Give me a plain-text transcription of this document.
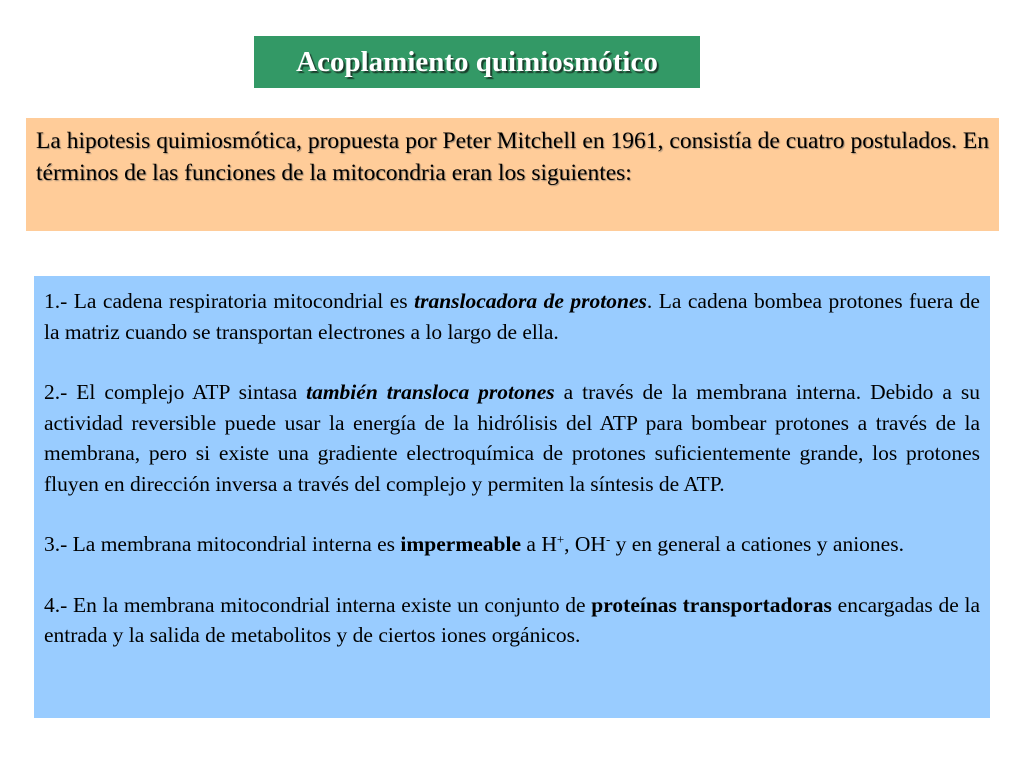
Acoplamiento quimiosmótico
La hipotesis quimiosmótica, propuesta por Peter Mitchell en 1961, consistía de cuatro postulados. En términos de las funciones de la mitocondria eran los siguientes:

1.- La cadena respiratoria mitocondrial es translocadora de protones. La cadena bombea protones fuera de la matriz cuando se transportan electrones a lo largo de ella.

2.- El complejo ATP sintasa también transloca protones a través de la membrana interna. Debido a su actividad reversible puede usar la energía de la hidrólisis del ATP para bombear protones a través de la membrana, pero si existe una gradiente electroquímica de protones suficientemente grande, los protones fluyen en dirección inversa a través del complejo y permiten la síntesis de ATP.

3.- La membrana mitocondrial interna es impermeable a H+, OH- y en general a cationes y aniones.

4.- En la membrana mitocondrial interna existe un conjunto de proteínas transportadoras encargadas de la entrada y la salida de metabolitos y de ciertos iones orgánicos.
